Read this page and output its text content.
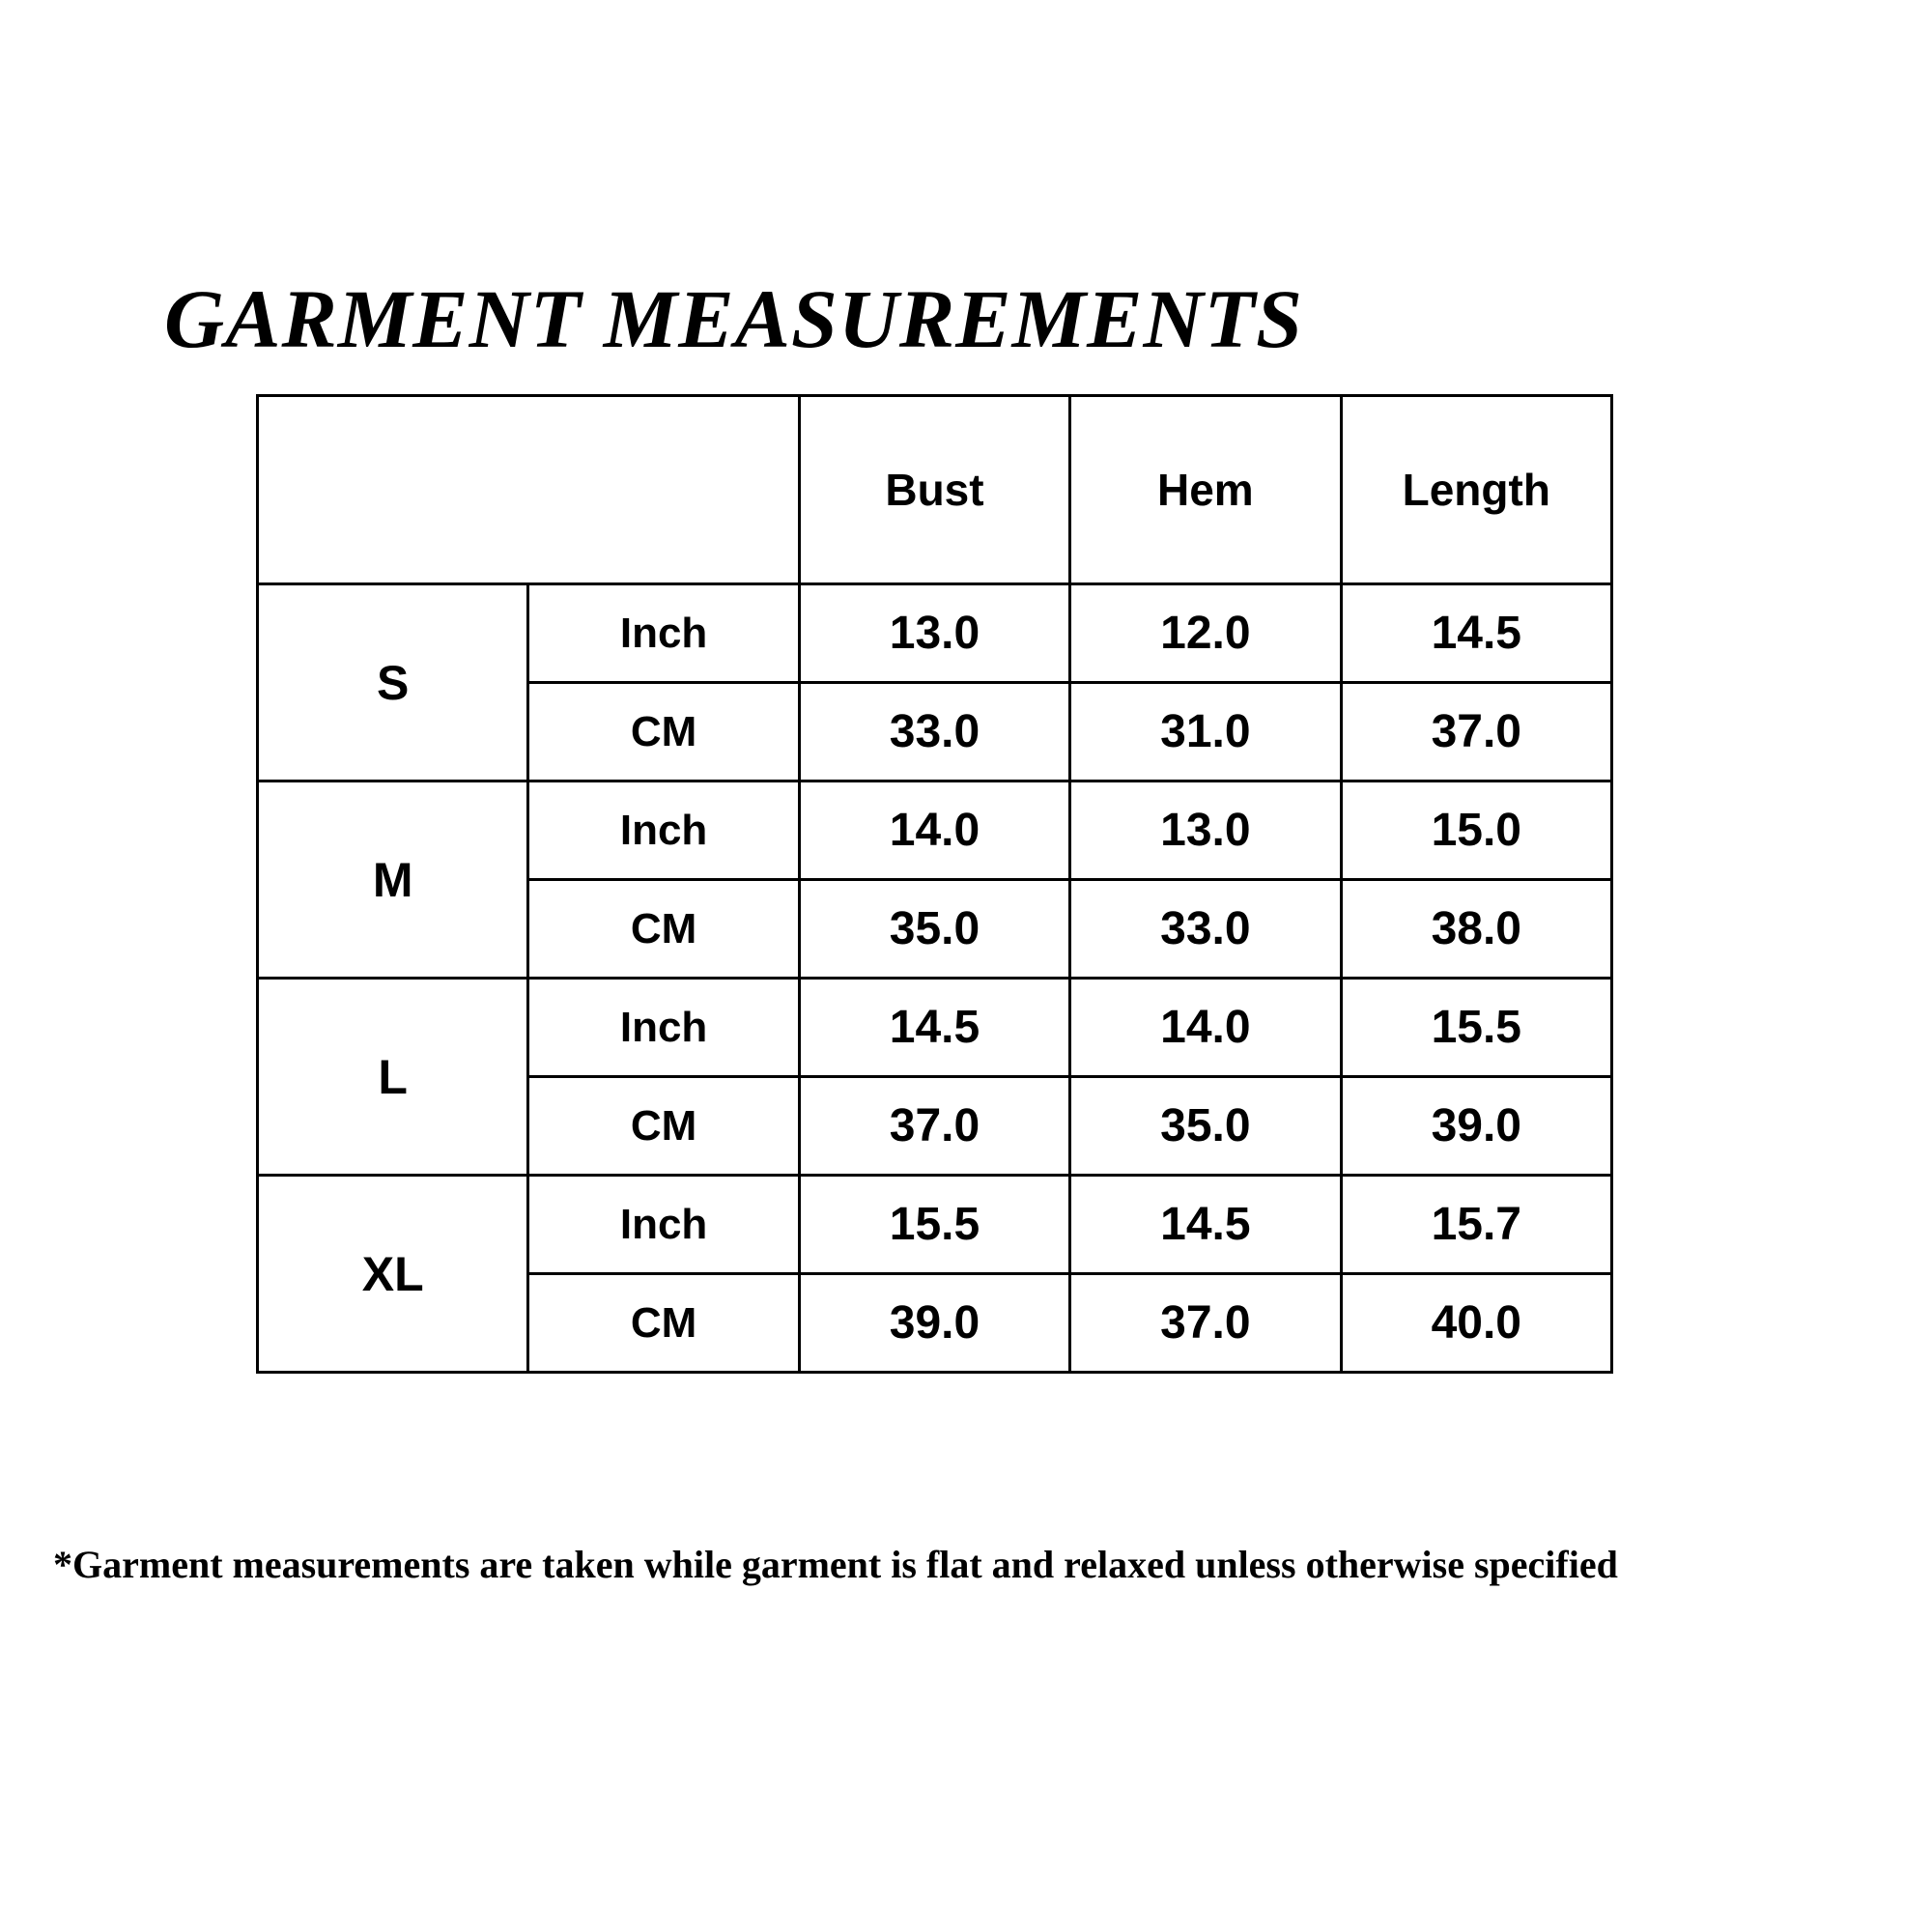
GARMENT MEASUREMENTS
Unit: $\frac{\text{Inch}}{CM}$		Bust	Hem	Length
S	Inch	13.0	12.0	14.5
	CM	33.0	31.0	37.0
M	Inch	14.0	13.0	15.0
	CM	35.0	33.0	38.0
L	Inch	14.5	14.0	15.5
	CM	37.0	35.0	39.0
XL	Inch	15.5	14.5	15.7
	CM	39.0	37.0	40.0
*Garment measurements are taken while garment is flat and relaxed unless otherwise specified
